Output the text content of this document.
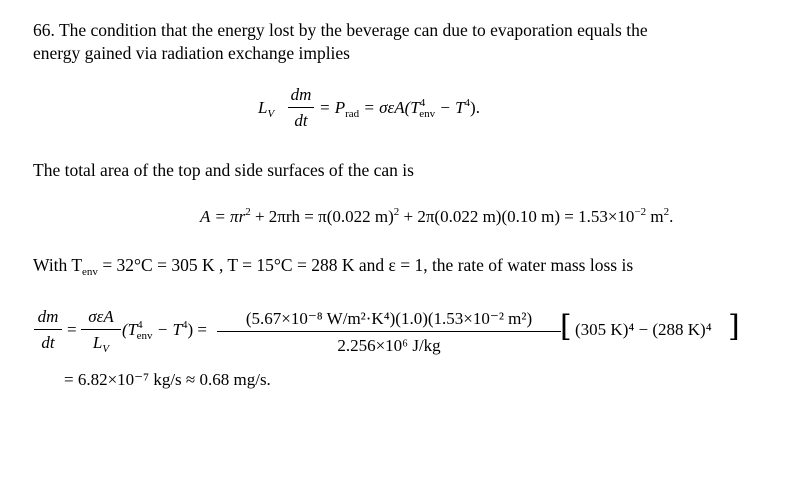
66. The condition that the energy lost by the beverage can due to evaporation equals the
energy gained via radiation exchange implies
$L_V$
dm
dt
= $P_{rad} = \sigma\varepsilon A(T^4_{env} - T^4)$.
The total area of the top and side surfaces of the can is
$A = \pi r^2 + 2\pi rh = \pi(0.022$ m)$^2$ + 2π(0.022 m)(0.10 $m) = 1.53\times 10^{-2}$ $m^2$.
With $T_{env} = 32^\circ C = 305$ K , T = 15°C = 288 K and ε = 1, the rate of water mass loss is
dm
dt
=
σεA
$L_V$
$(T^4_{env} - T^4)$ =
(5.67×10⁻⁸ W/m²·K⁴)(1.0)(1.53×10⁻² m²)
2.256×10⁶ J/kg
[ (305 K)⁴ − (288 K)⁴ ]
= 6.82×10⁻⁷ kg/s ≈ 0.68 mg/s.
